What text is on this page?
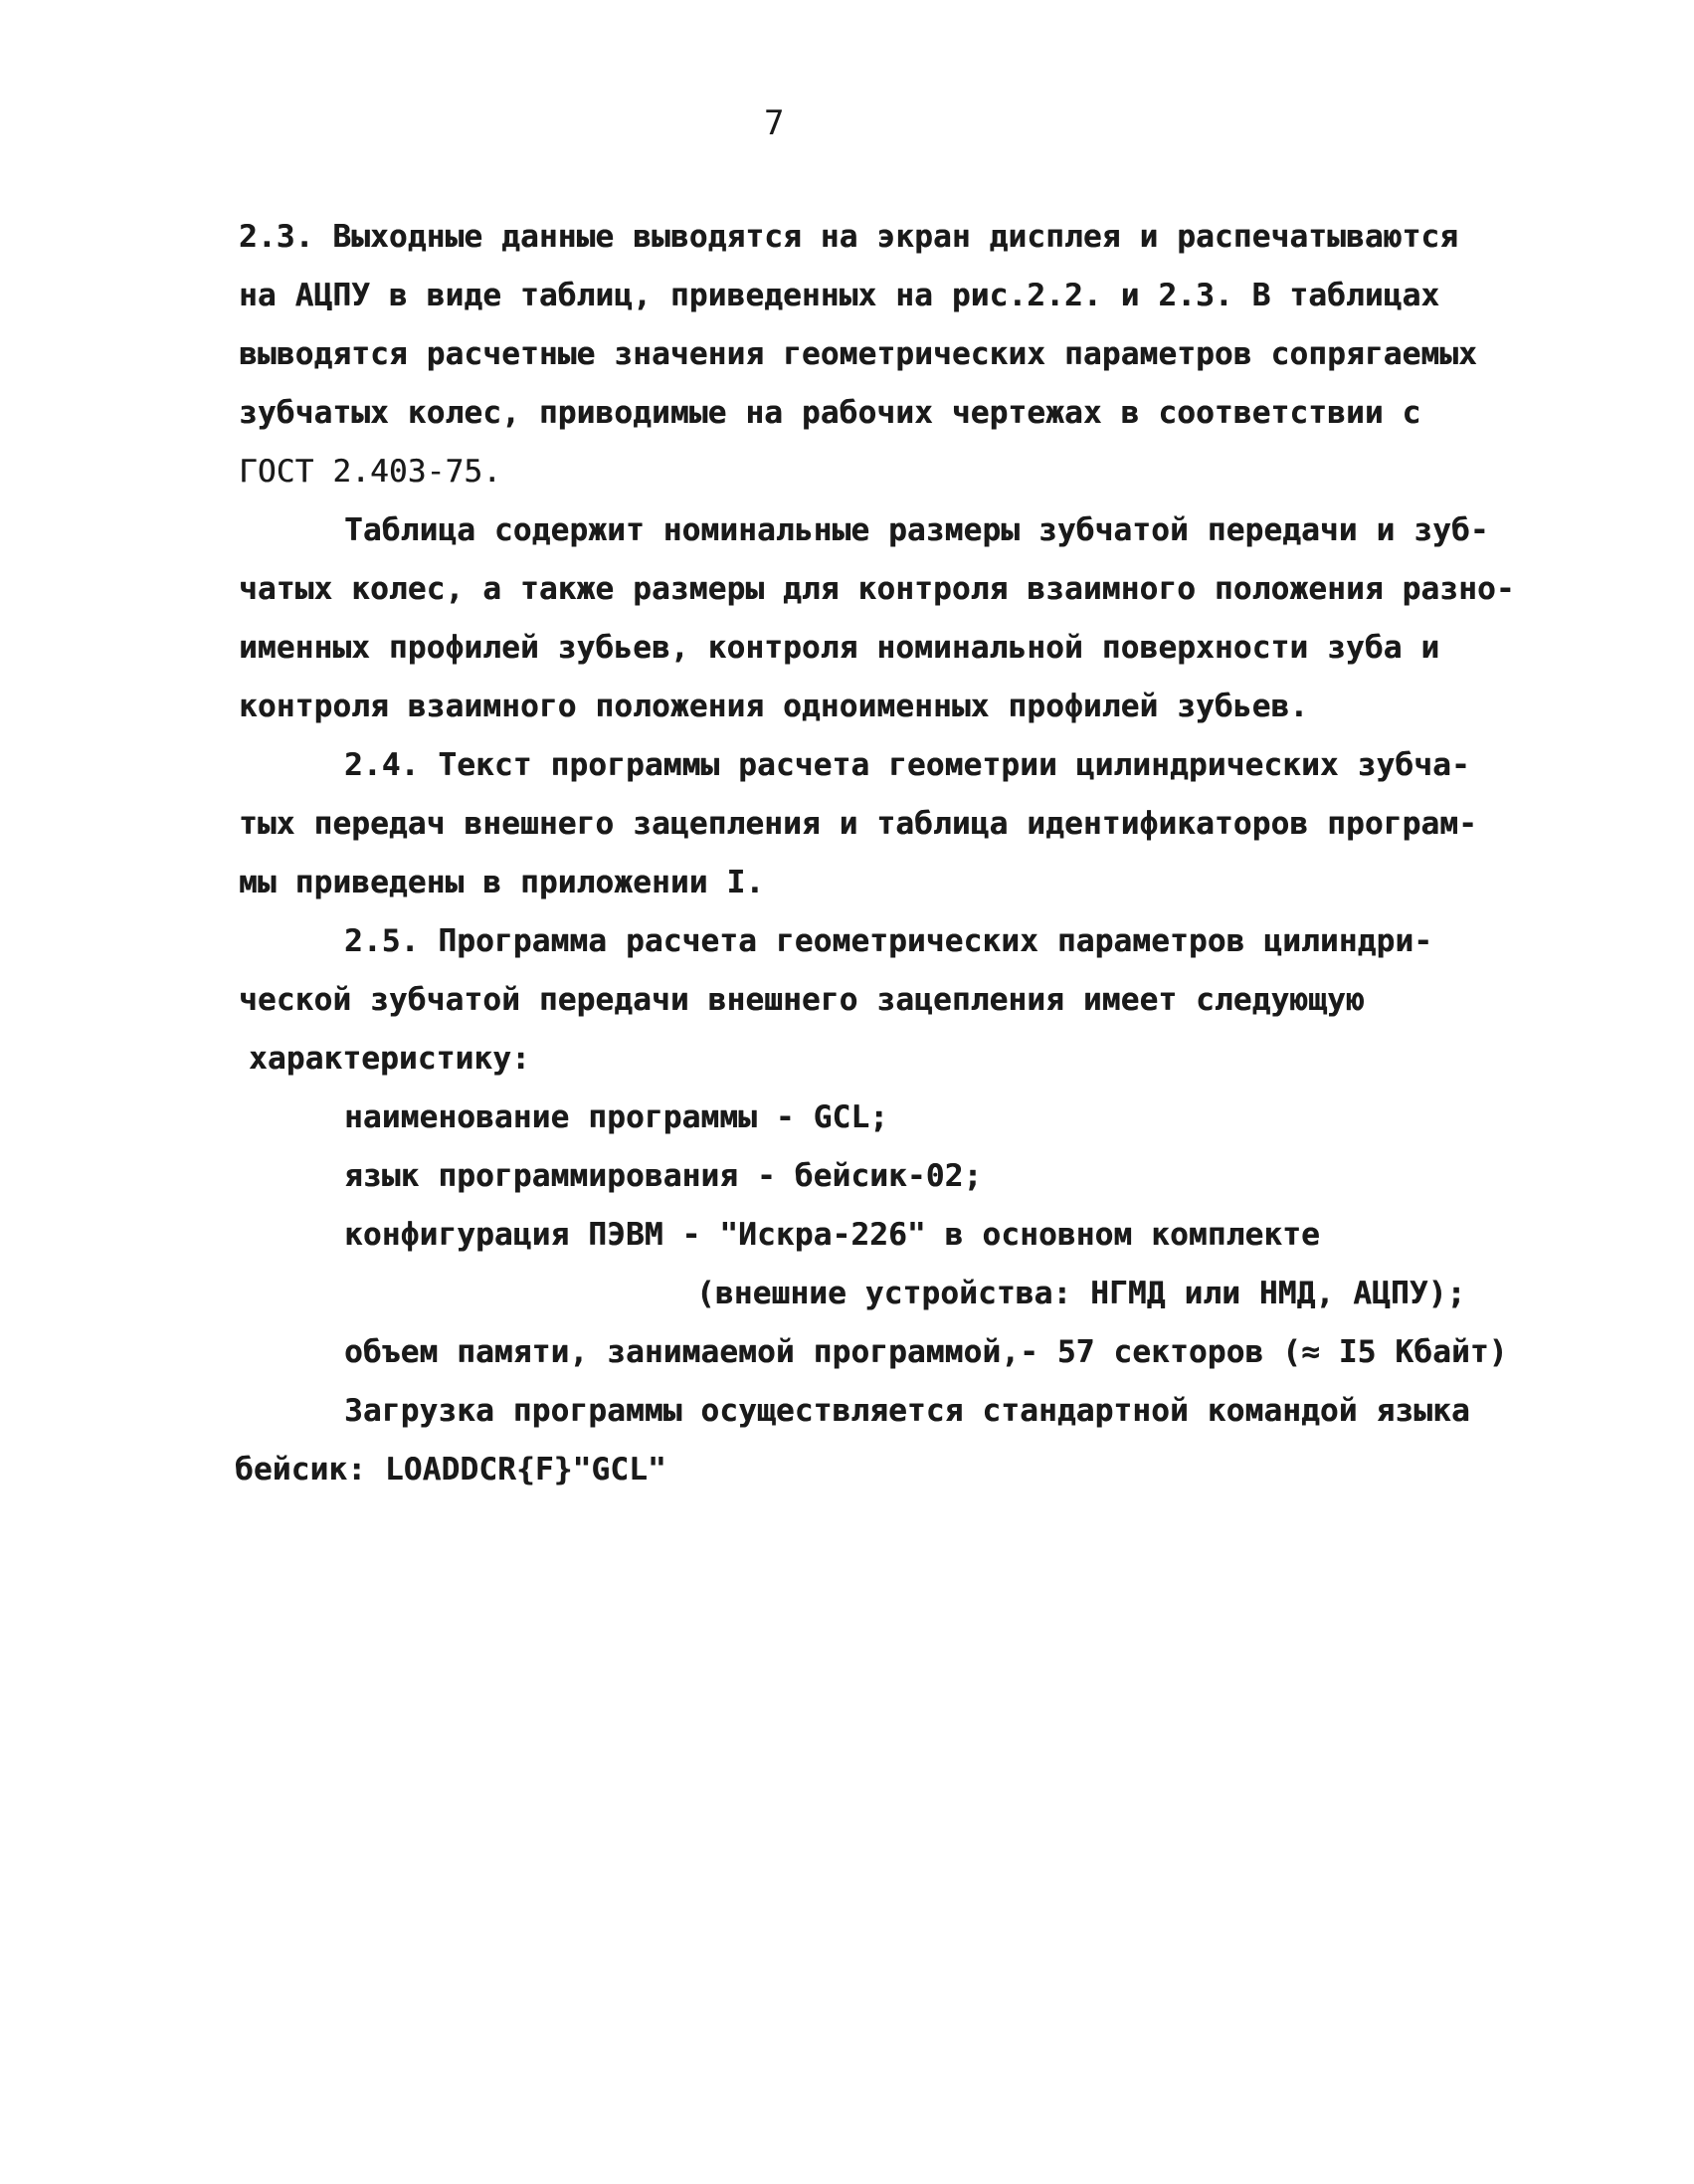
7
2.3. Выходные данные выводятся на экран дисплея и распечатываются
на АЦПУ в виде таблиц, приведенных на рис.2.2. и 2.3. В таблицах
выводятся расчетные значения геометрических параметров сопрягаемых
зубчатых колес, приводимые на рабочих чертежах в соответствии с
ГОСТ 2.403-75.
Таблица содержит номинальные размеры зубчатой передачи и зуб-
чатых колес, а также размеры для контроля взаимного положения разно-
именных профилей зубьев, контроля номинальной поверхности зуба и
контроля взаимного положения одноименных профилей зубьев.
2.4. Текст программы расчета геометрии цилиндрических зубча-
тых передач внешнего зацепления и таблица идентификаторов програм-
мы приведены в приложении I.
2.5. Программа расчета геометрических параметров цилиндри-
ческой зубчатой передачи внешнего зацепления имеет следующую
характеристику:
наименование программы - GCL;
язык программирования - бейсик-02;
конфигурация ПЭВМ - "Искра-226" в основном комплекте
(внешние устройства: НГМД или НМД, АЦПУ);
объем памяти, занимаемой программой,- 57 секторов (≈ I5 Кбайт)
Загрузка программы осуществляется стандартной командой языка
бейсик: LOADDCR{F}"GCL"
